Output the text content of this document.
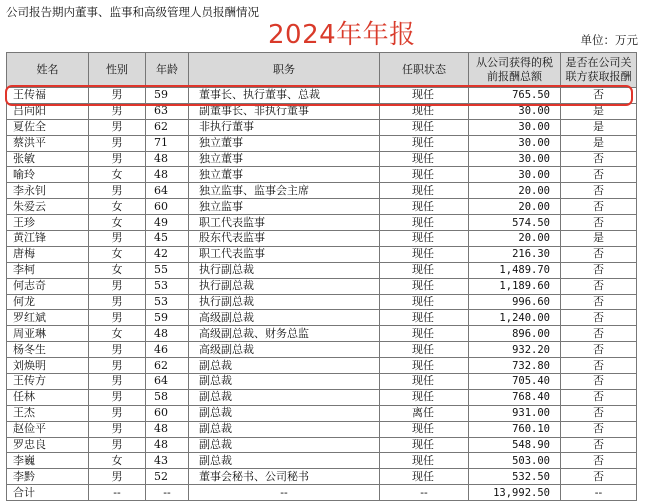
公司报告期内董事、监事和高级管理人员报酬情况
2024年年报	单位：万元
姓名	性别	年龄	职务	任职状态	从公司获得的税前报酬总额	是否在公司关联方获取报酬
王传福	男	59	董事长、执行董事、总裁	现任	765.50	否
吕向阳	男	63	副董事长、非执行董事	现任	30.00	是
夏佐全	男	62	非执行董事	现任	30.00	是
蔡洪平	男	71	独立董事	现任	30.00	是
张敏	男	48	独立董事	现任	30.00	否
喻玲	女	48	独立董事	现任	30.00	否
李永钊	男	64	独立监事、监事会主席	现任	20.00	否
朱爱云	女	60	独立监事	现任	20.00	否
王珍	女	49	职工代表监事	现任	574.50	否
黄江锋	男	45	股东代表监事	现任	20.00	是
唐梅	女	42	职工代表监事	现任	216.30	否
李柯	女	55	执行副总裁	现任	1,489.70	否
何志奇	男	53	执行副总裁	现任	1,189.60	否
何龙	男	53	执行副总裁	现任	996.60	否
罗红斌	男	59	高级副总裁	现任	1,240.00	否
周亚琳	女	48	高级副总裁、财务总监	现任	896.00	否
杨冬生	男	46	高级副总裁	现任	932.20	否
刘焕明	男	62	副总裁	现任	732.80	否
王传方	男	64	副总裁	现任	705.40	否
任林	男	58	副总裁	现任	768.40	否
王杰	男	60	副总裁	离任	931.00	否
赵俭平	男	48	副总裁	现任	760.10	否
罗忠良	男	48	副总裁	现任	548.90	否
李巍	女	43	副总裁	现任	503.00	否
李黔	男	52	董事会秘书、公司秘书	现任	532.50	否
合计	--	--	--	--	13,992.50	--
